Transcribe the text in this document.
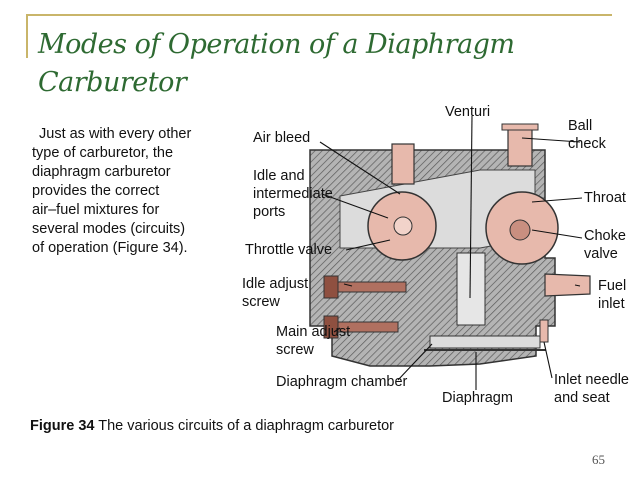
Modes of Operation of a Diaphragm
Carburetor
Just as with every other
type of carburetor, the
diaphragm carburetor
provides the correct
air–fuel mixtures for
several modes (circuits)
of operation (Figure 34).
Venturi
Air bleed
Idle and
intermediate
ports
Throttle valve
Idle adjust
screw
Main adjust
screw
Diaphragm chamber
Diaphragm
Ball
check
Throat
Choke
valve
Fuel
inlet
Inlet needle
and seat
Figure 34 The various circuits of a diaphragm carburetor
65
